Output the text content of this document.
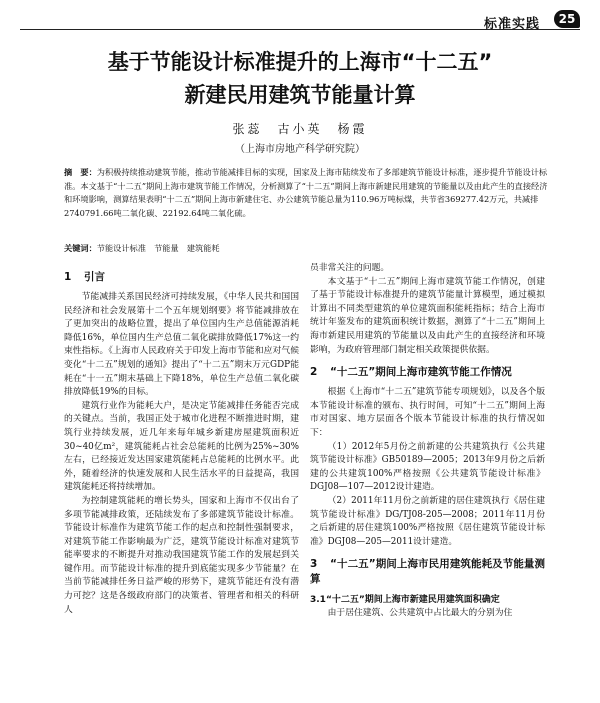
标准实践	25
基于节能设计标准提升的上海市“十二五”
新建民用建筑节能量计算
张蕊　古小英　杨霞
（上海市房地产科学研究院）
摘　要：为积极持续推动建筑节能，推动节能减排目标的实现，国家及上海市陆续发布了多部建筑节能设计标准，逐步提升节能设计标准。本文基于“十二五”期间上海市建筑节能工作情况，分析测算了“十二五”期间上海市新建民用建筑的节能量以及由此产生的直接经济和环境影响，测算结果表明“十二五”期间上海市新建住宅、办公建筑节能总量为110.96万吨标煤，共节省369277.42万元，共减排2740791.66吨二氧化碳、22192.64吨二氧化硫。
关键词：节能设计标准　节能量　建筑能耗
1 引言

节能减排关系国民经济可持续发展，《中华人民共和国国民经济和社会发展第十二个五年规划纲要》将节能减排放在了更加突出的战略位置，提出了单位国内生产总值能源消耗降低16%，单位国内生产总值二氧化碳排放降低17%这一约束性指标。《上海市人民政府关于印发上海市节能和应对气候变化“十二五”规划的通知》提出了“十二五”期末万元GDP能耗在“十一五”期末基础上下降18%，单位生产总值二氧化碳排放降低19%的目标。

建筑行业作为能耗大户，是决定节能减排任务能否完成的关键点。当前，我国正处于城市化进程不断推进时期，建筑行业持续发展，近几年来每年城乡新建房屋建筑面积近30~40亿m²，建筑能耗占社会总能耗的比例为25%~30%左右，已经接近发达国家建筑能耗占总能耗的比例水平。此外，随着经济的快速发展和人民生活水平的日益提高，我国建筑能耗还将持续增加。

为控制建筑能耗的增长势头，国家和上海市不仅出台了多项节能减排政策，还陆续发布了多部建筑节能设计标准。节能设计标准作为建筑节能工作的起点和控制性强制要求，对建筑节能工作影响最为广泛，建筑节能设计标准对建筑节能率要求的不断提升对推动我国建筑节能工作的发展起到关键作用。而节能设计标准的提升到底能实现多少节能量？在当前节能减排任务日益严峻的形势下，建筑节能还有没有潜力可挖？这是各级政府部门的决策者、管理者和相关的科研人

员非常关注的问题。

本文基于“十二五”期间上海市建筑节能工作情况，创建了基于节能设计标准提升的建筑节能量计算模型，通过模拟计算出不同类型建筑的单位建筑面积能耗指标；结合上海市统计年鉴发布的建筑面积统计数据，测算了“十二五”期间上海市新建民用建筑的节能量以及由此产生的直接经济和环境影响，为政府管理部门制定相关政策提供依据。

2 “十二五”期间上海市建筑节能工作情况

根据《上海市“十二五”建筑节能专项规划》，以及各个版本节能设计标准的颁布、执行时间，可知“十二五”期间上海市对国家、地方层面各个版本节能设计标准的执行情况如下：

（1）2012年5月份之前新建的公共建筑执行《公共建筑节能设计标准》GB50189—2005；2013年9月份之后新建的公共建筑100%严格按照《公共建筑节能设计标准》DGJ08—107—2012设计建造。

（2）2011年11月份之前新建的居住建筑执行《居住建筑节能设计标准》DG/TJ08-205—2008；2011年11月份之后新建的居住建筑100%严格按照《居住建筑节能设计标准》DGJ08—205—2011设计建造。

3 “十二五”期间上海市民用建筑能耗及节能量测算
3.1“十二五”期间上海市新建民用建筑面积确定

由于居住建筑、公共建筑中占比最大的分别为住
